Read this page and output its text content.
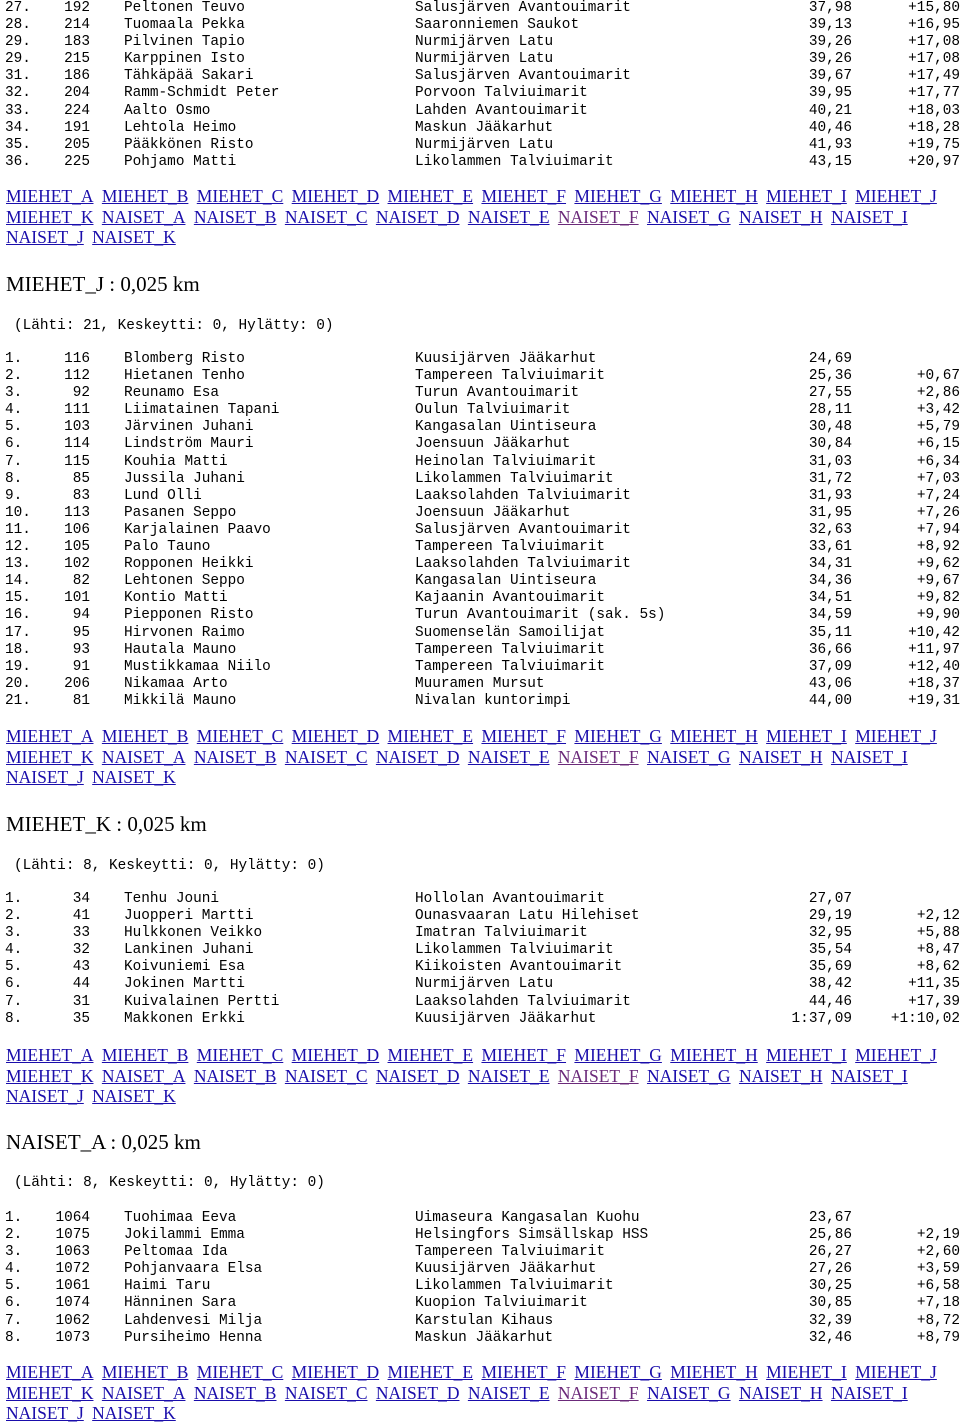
27.	192 Peltonen Teuvo	Salusjärven Avantouimarit	37,98	+15,80
28.	214 Tuomaala Pekka	Saaronniemen Saukot	39,13	+16,95
29.	183 Pilvinen Tapio	Nurmijärven Latu	39,26	+17,08
29.	215 Karppinen Isto	Nurmijärven Latu	39,26	+17,08
31.	186 Tähkäpää Sakari	Salusjärven Avantouimarit	39,67	+17,49
32.	204 Ramm-Schmidt Peter	Porvoon Talviuimarit	39,95	+17,77
33.	224 Aalto Osmo	Lahden Avantouimarit	40,21	+18,03
34.	191 Lehtola Heimo	Maskun Jääkarhut	40,46	+18,28
35.	205 Pääkkönen Risto	Nurmijärven Latu	41,93	+19,75
36.	225 Pohjamo Matti	Likolammen Talviuimarit	43,15	+20,97
MIEHET_A MIEHET_B MIEHET_C MIEHET_D MIEHET_E MIEHET_F MIEHET_G MIEHET_H MIEHET_I MIEHET_J MIEHET_K NAISET_A NAISET_B NAISET_C NAISET_D NAISET_E NAISET_F NAISET_G NAISET_H NAISET_I NAISET_J NAISET_K
MIEHET_J : 0,025 km
(Lähti: 21, Keskeytti: 0, Hylätty: 0)
1.	116 Blomberg Risto	Kuusijärven Jääkarhut	24,69
2.	112 Hietanen Tenho	Tampereen Talviuimarit	25,36	+0,67
3.	92 Reunamo Esa	Turun Avantouimarit	27,55	+2,86
4.	111 Liimatainen Tapani	Oulun Talviuimarit	28,11	+3,42
5.	103 Järvinen Juhani	Kangasalan Uintiseura	30,48	+5,79
6.	114 Lindström Mauri	Joensuun Jääkarhut	30,84	+6,15
7.	115 Kouhia Matti	Heinolan Talviuimarit	31,03	+6,34
8.	85 Jussila Juhani	Likolammen Talviuimarit	31,72	+7,03
9.	83 Lund Olli	Laaksolahden Talviuimarit	31,93	+7,24
10.	113 Pasanen Seppo	Joensuun Jääkarhut	31,95	+7,26
11.	106 Karjalainen Paavo	Salusjärven Avantouimarit	32,63	+7,94
12.	105 Palo Tauno	Tampereen Talviuimarit	33,61	+8,92
13.	102 Ropponen Heikki	Laaksolahden Talviuimarit	34,31	+9,62
14.	82 Lehtonen Seppo	Kangasalan Uintiseura	34,36	+9,67
15.	101 Kontio Matti	Kajaanin Avantouimarit	34,51	+9,82
16.	94 Piepponen Risto	Turun Avantouimarit (sak. 5s)	34,59	+9,90
17.	95 Hirvonen Raimo	Suomenselän Samoilijat	35,11	+10,42
18.	93 Hautala Mauno	Tampereen Talviuimarit	36,66	+11,97
19.	91 Mustikkamaa Niilo	Tampereen Talviuimarit	37,09	+12,40
20.	206 Nikamaa Arto	Muuramen Mursut	43,06	+18,37
21.	81 Mikkilä Mauno	Nivalan kuntorimpi	44,00	+19,31
MIEHET_A MIEHET_B MIEHET_C MIEHET_D MIEHET_E MIEHET_F MIEHET_G MIEHET_H MIEHET_I MIEHET_J MIEHET_K NAISET_A NAISET_B NAISET_C NAISET_D NAISET_E NAISET_F NAISET_G NAISET_H NAISET_I NAISET_J NAISET_K
MIEHET_K : 0,025 km
(Lähti: 8, Keskeytti: 0, Hylätty: 0)
1.	34 Tenhu Jouni	Hollolan Avantouimarit	27,07
2.	41 Juopperi Martti	Ounasvaaran Latu Hilehiset	29,19	+2,12
3.	33 Hulkkonen Veikko	Imatran Talviuimarit	32,95	+5,88
4.	32 Lankinen Juhani	Likolammen Talviuimarit	35,54	+8,47
5.	43 Koivuniemi Esa	Kiikoisten Avantouimarit	35,69	+8,62
6.	44 Jokinen Martti	Nurmijärven Latu	38,42	+11,35
7.	31 Kuivalainen Pertti	Laaksolahden Talviuimarit	44,46	+17,39
8.	35 Makkonen Erkki	Kuusijärven Jääkarhut	1:37,09	+1:10,02
MIEHET_A MIEHET_B MIEHET_C MIEHET_D MIEHET_E MIEHET_F MIEHET_G MIEHET_H MIEHET_I MIEHET_J MIEHET_K NAISET_A NAISET_B NAISET_C NAISET_D NAISET_E NAISET_F NAISET_G NAISET_H NAISET_I NAISET_J NAISET_K
NAISET_A : 0,025 km
(Lähti: 8, Keskeytti: 0, Hylätty: 0)
1.	1064 Tuohimaa Eeva	Uimaseura Kangasalan Kuohu	23,67
2.	1075 Jokilammi Emma	Helsingfors Simsällskap HSS	25,86	+2,19
3.	1063 Peltomaa Ida	Tampereen Talviuimarit	26,27	+2,60
4.	1072 Pohjanvaara Elsa	Kuusijärven Jääkarhut	27,26	+3,59
5.	1061 Haimi Taru	Likolammen Talviuimarit	30,25	+6,58
6.	1074 Hänninen Sara	Kuopion Talviuimarit	30,85	+7,18
7.	1062 Lahdenvesi Milja	Karstulan Kihaus	32,39	+8,72
8.	1073 Pursiheimo Henna	Maskun Jääkarhut	32,46	+8,79
MIEHET_A MIEHET_B MIEHET_C MIEHET_D MIEHET_E MIEHET_F MIEHET_G MIEHET_H MIEHET_I MIEHET_J MIEHET_K NAISET_A NAISET_B NAISET_C NAISET_D NAISET_E NAISET_F NAISET_G NAISET_H NAISET_I NAISET_J NAISET_K
